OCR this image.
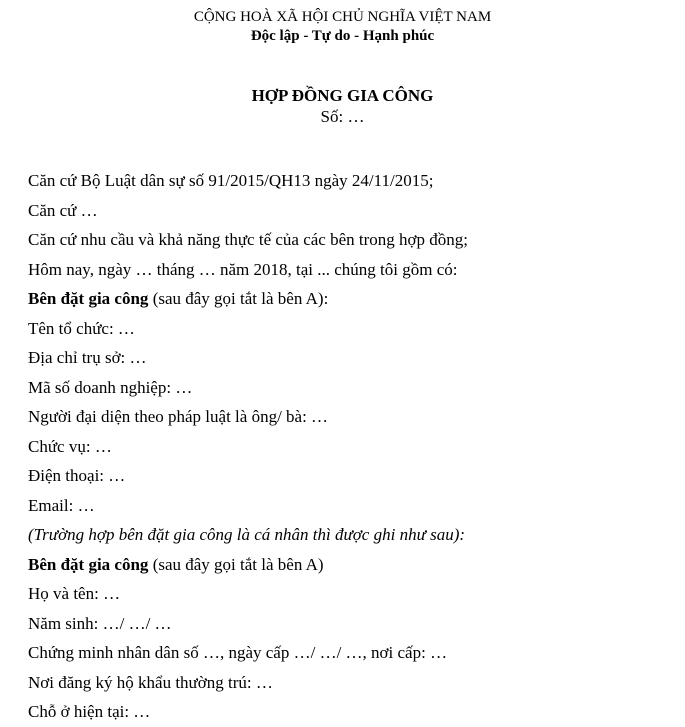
CỘNG HOÀ XÃ HỘI CHỦ NGHĨA VIỆT NAM
Độc lập - Tự do - Hạnh phúc
HỢP ĐỒNG GIA CÔNG
Số: …
Căn cứ Bộ Luật dân sự số 91/2015/QH13 ngày 24/11/2015;
Căn cứ …
Căn cứ nhu cầu và khả năng thực tế của các bên trong hợp đồng;
Hôm nay, ngày … tháng … năm 2018, tại ... chúng tôi gồm có:
Bên đặt gia công (sau đây gọi tắt là bên A):
Tên tổ chức: …
Địa chỉ trụ sở: …
Mã số doanh nghiệp: …
Người đại diện theo pháp luật là ông/ bà: …
Chức vụ: …
Điện thoại: …
Email: …
(Trường hợp bên đặt gia công là cá nhân thì được ghi như sau):
Bên đặt gia công (sau đây gọi tắt là bên A)
Họ và tên: …
Năm sinh: …/ …/ …
Chứng minh nhân dân số …, ngày cấp …/ …/ …, nơi cấp: …
Nơi đăng ký hộ khẩu thường trú: …
Chỗ ở hiện tại: …
